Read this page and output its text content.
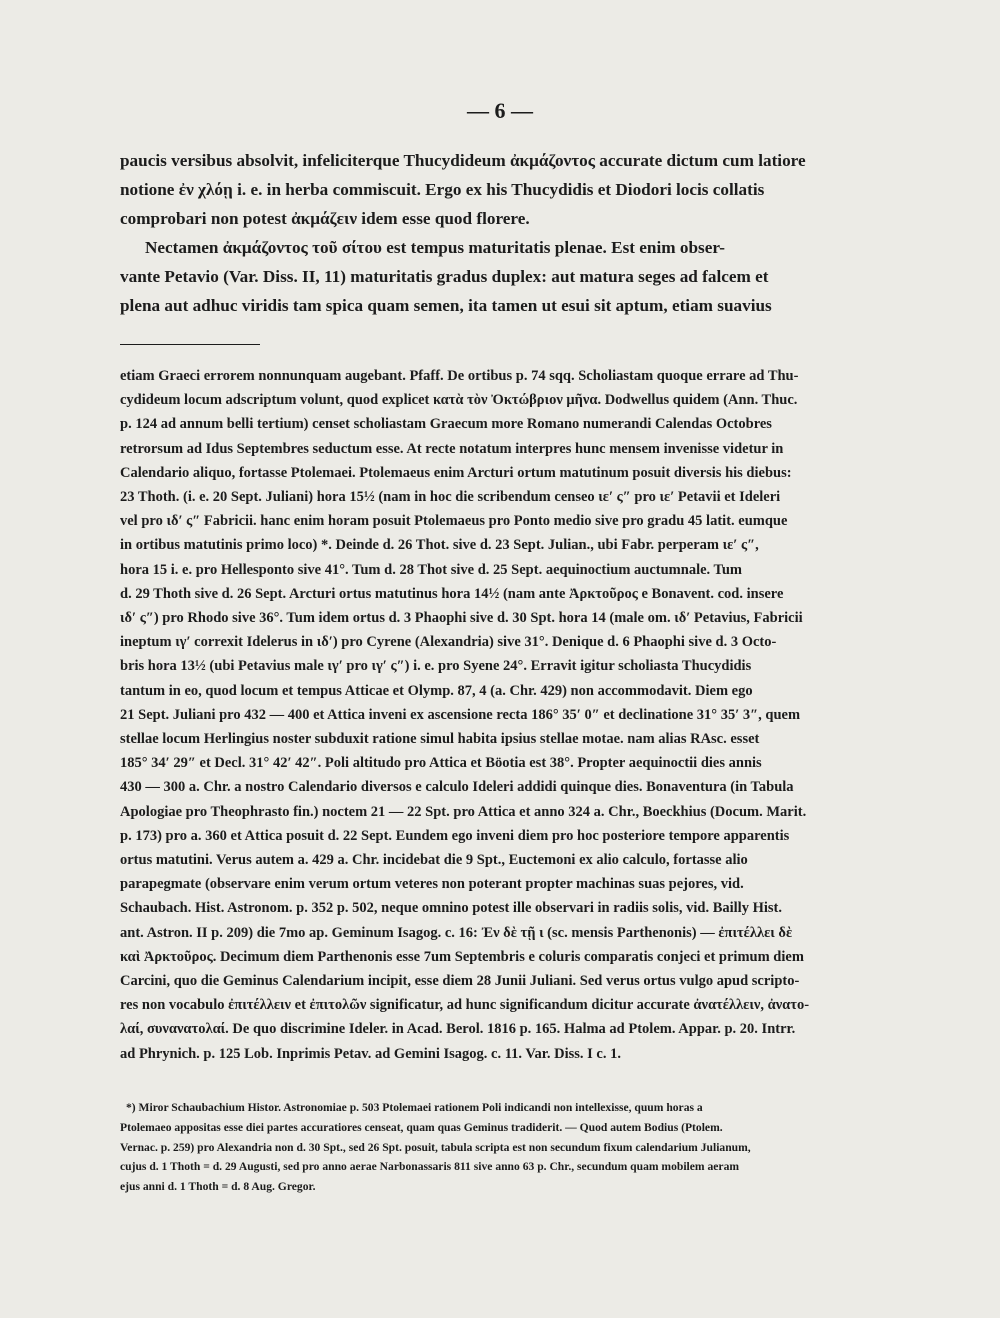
— 6 —

paucis versibus absolvit, infeliciterque Thucydideum ἀκμάζοντος accurate dictum cum latiore

notione ἐν χλόῃ i. e. in herba commiscuit. Ergo ex his Thucydidis et Diodori locis collatis

comprobari non potest ἀκμάζειν idem esse quod florere.

Nectamen ἀκμάζοντος τοῦ σίτου est tempus maturitatis plenae. Est enim obser-

vante Petavio (Var. Diss. II, 11) maturitatis gradus duplex: aut matura seges ad falcem et

plena aut adhuc viridis tam spica quam semen, ita tamen ut esui sit aptum, etiam suavius

etiam Graeci errorem nonnunquam augebant. Pfaff. De ortibus p. 74 sqq. Scholiastam quoque errare ad Thu-

cydideum locum adscriptum volunt, quod explicet κατὰ τὸν Ὀκτώβριον μῆνα. Dodwellus quidem (Ann. Thuc.

p. 124 ad annum belli tertium) censet scholiastam Graecum more Romano numerandi Calendas Octobres

retrorsum ad Idus Septembres seductum esse. At recte notatum interpres hunc mensem invenisse videtur in

Calendario aliquo, fortasse Ptolemaei. Ptolemaeus enim Arcturi ortum matutinum posuit diversis his diebus:

23 Thoth. (i. e. 20 Sept. Juliani) hora 15½ (nam in hoc die scribendum censeo ιε′ ς″ pro ιε′ Petavii et Ideleri

vel pro ιδ′ ς″ Fabricii. hanc enim horam posuit Ptolemaeus pro Ponto medio sive pro gradu 45 latit. eumque

in ortibus matutinis primo loco) *. Deinde d. 26 Thot. sive d. 23 Sept. Julian., ubi Fabr. perperam ιε′ ς″,

hora 15 i. e. pro Hellesponto sive 41°. Tum d. 28 Thot sive d. 25 Sept. aequinoctium auctumnale. Tum

d. 29 Thoth sive d. 26 Sept. Arcturi ortus matutinus hora 14½ (nam ante Ἀρκτοῦρος e Bonavent. cod. insere

ιδ′ ς″) pro Rhodo sive 36°. Tum idem ortus d. 3 Phaophi sive d. 30 Spt. hora 14 (male om. ιδ′ Petavius, Fabricii

ineptum ιγ′ correxit Idelerus in ιδ′) pro Cyrene (Alexandria) sive 31°. Denique d. 6 Phaophi sive d. 3 Octo-

bris hora 13½ (ubi Petavius male ιγ′ pro ιγ′ ς″) i. e. pro Syene 24°. Erravit igitur scholiasta Thucydidis

tantum in eo, quod locum et tempus Atticae et Olymp. 87, 4 (a. Chr. 429) non accommodavit. Diem ego

21 Sept. Juliani pro 432 — 400 et Attica inveni ex ascensione recta 186° 35′ 0″ et declinatione 31° 35′ 3″, quem

stellae locum Herlingius noster subduxit ratione simul habita ipsius stellae motae. nam alias RAsc. esset

185° 34′ 29″ et Decl. 31° 42′ 42″. Poli altitudo pro Attica et Böotia est 38°. Propter aequinoctii dies annis

430 — 300 a. Chr. a nostro Calendario diversos e calculo Ideleri addidi quinque dies. Bonaventura (in Tabula

Apologiae pro Theophrasto fin.) noctem 21 — 22 Spt. pro Attica et anno 324 a. Chr., Boeckhius (Docum. Marit.

p. 173) pro a. 360 et Attica posuit d. 22 Sept. Eundem ego inveni diem pro hoc posteriore tempore apparentis

ortus matutini. Verus autem a. 429 a. Chr. incidebat die 9 Spt., Euctemoni ex alio calculo, fortasse alio

parapegmate (observare enim verum ortum veteres non poterant propter machinas suas pejores, vid.

Schaubach. Hist. Astronom. p. 352 p. 502, neque omnino potest ille observari in radiis solis, vid. Bailly Hist.

ant. Astron. II p. 209) die 7mo ap. Geminum Isagog. c. 16: Ἐν δὲ τῇ ι (sc. mensis Parthenonis) — ἐπιτέλλει δὲ

καὶ Ἀρκτοῦρος. Decimum diem Parthenonis esse 7um Septembris e coluris comparatis conjeci et primum diem

Carcini, quo die Geminus Calendarium incipit, esse diem 28 Junii Juliani. Sed verus ortus vulgo apud scripto-

res non vocabulo ἐπιτέλλειν et ἐπιτολῶν significatur, ad hunc significandum dicitur accurate ἀνατέλλειν, ἀνατο-

λαί, συνανατολαί. De quo discrimine Ideler. in Acad. Berol. 1816 p. 165. Halma ad Ptolem. Appar. p. 20. Intrr.

ad Phrynich. p. 125 Lob. Inprimis Petav. ad Gemini Isagog. c. 11. Var. Diss. I c. 1.

*) Miror Schaubachium Histor. Astronomiae p. 503 Ptolemaei rationem Poli indicandi non intellexisse, quum horas a

Ptolemaeo appositas esse diei partes accuratiores censeat, quam quas Geminus tradiderit. — Quod autem Bodius (Ptolem.

Vernac. p. 259) pro Alexandria non d. 30 Spt., sed 26 Spt. posuit, tabula scripta est non secundum fixum calendarium Julianum,

cujus d. 1 Thoth = d. 29 Augusti, sed pro anno aerae Narbonassaris 811 sive anno 63 p. Chr., secundum quam mobilem aeram

ejus anni d. 1 Thoth = d. 8 Aug. Gregor.
